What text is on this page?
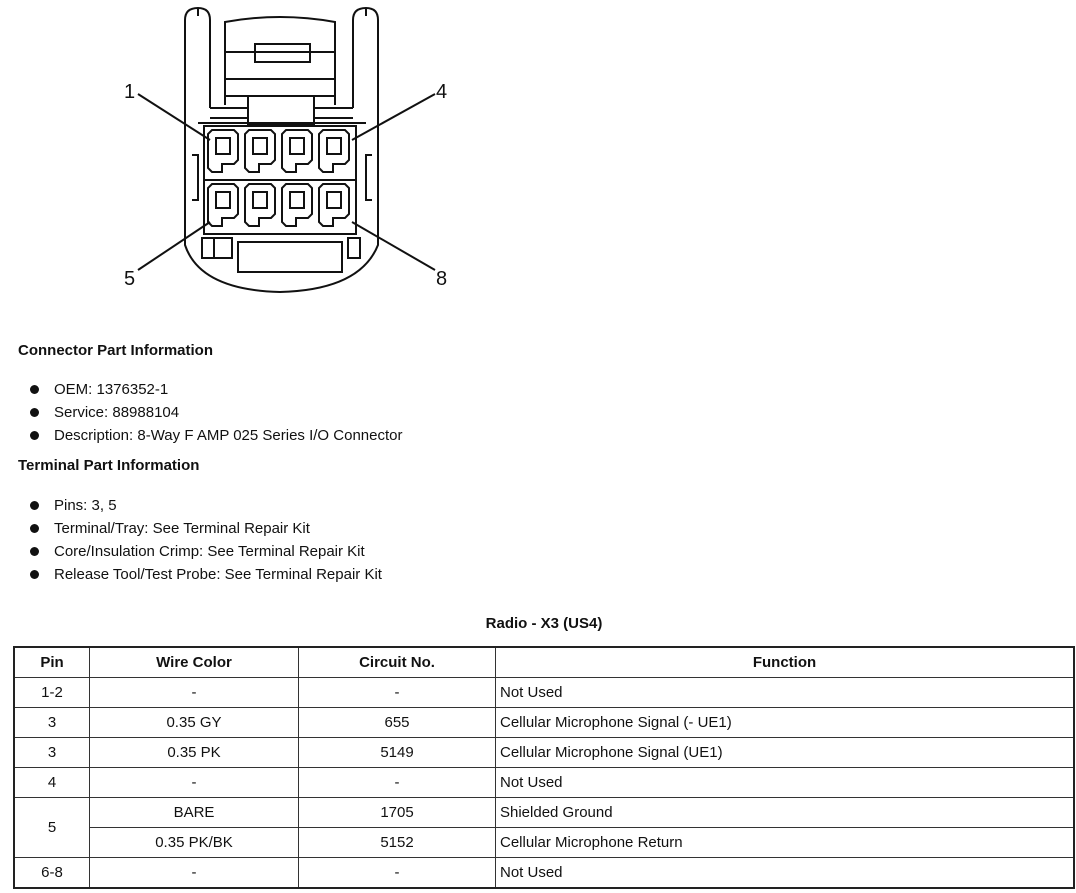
1	4
5	8
Connector Part Information
OEM: 1376352-1
Service: 88988104
Description: 8-Way F AMP 025 Series I/O Connector
Terminal Part Information
Pins: 3, 5
Terminal/Tray: See Terminal Repair Kit
Core/Insulation Crimp: See Terminal Repair Kit
Release Tool/Test Probe: See Terminal Repair Kit
Radio - X3 (US4)
Pin	Wire Color	Circuit No.	Function
1-2	-	-	Not Used
3	0.35 GY	655	Cellular Microphone Signal (- UE1)
3	0.35 PK	5149	Cellular Microphone Signal (UE1)
4	-	-	Not Used
5	BARE	1705	Shielded Ground
	0.35 PK/BK	5152	Cellular Microphone Return
6-8	-	-	Not Used
